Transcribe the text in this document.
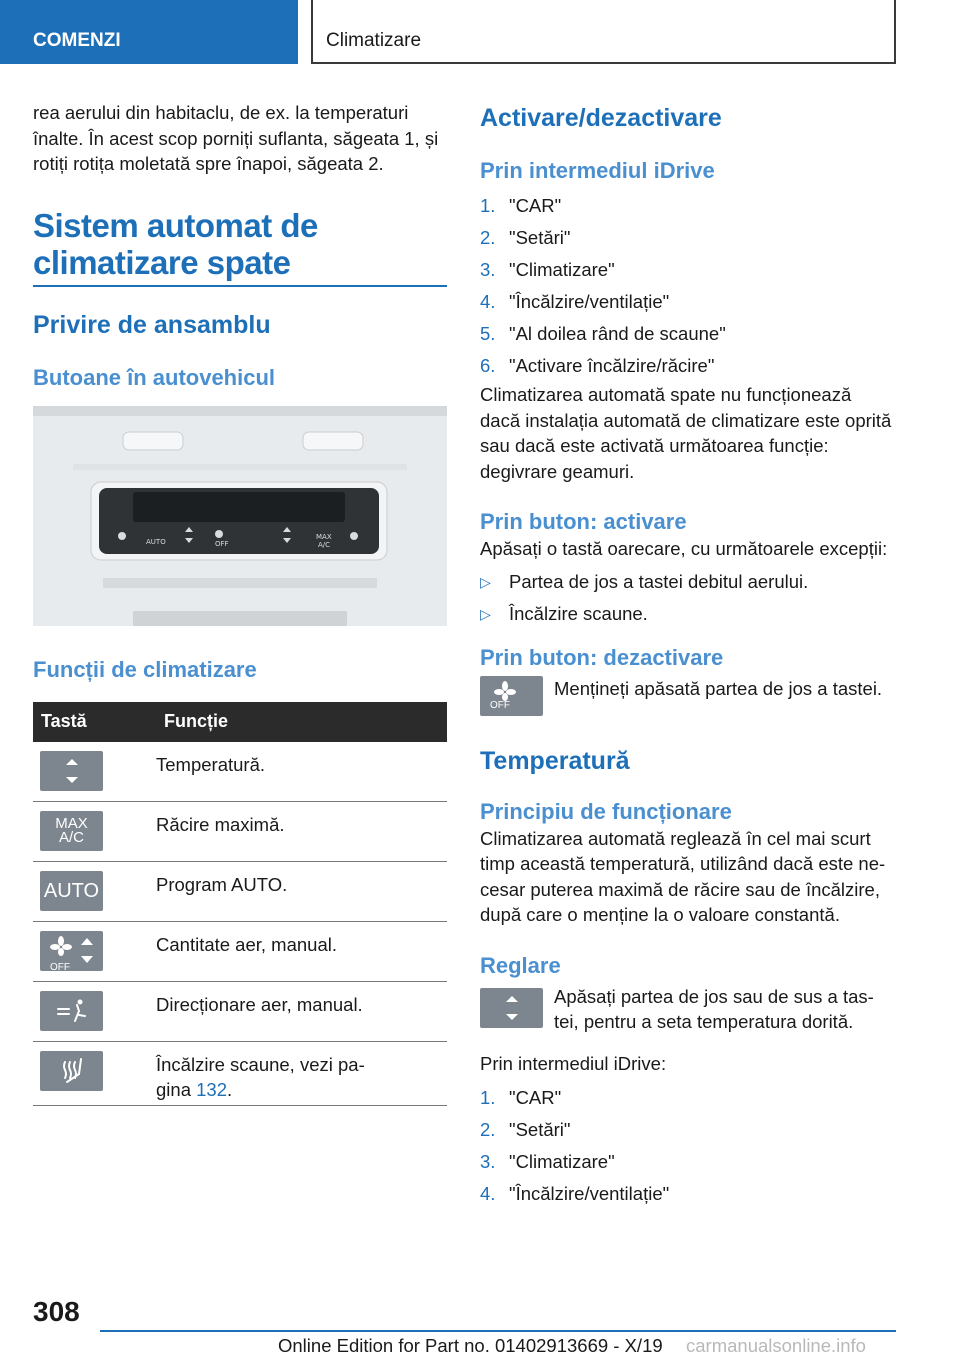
COMENZI	Climatizare

rea aerului din habitaclu, de ex. la temperaturi înalte. În acest scop porniți suflanta, săgeata 1, și rotiți rotița moletată spre înapoi, săgeata 2.

Sistem automat de climatizare spate
Privire de ansamblu
Butoane în autovehicul
AUTO	OFF
MAX
A/C
Funcții de climatizare
Tastă	Funcție

	Temperatură.

MAX
A/C	Răcire maximă.

AUTO	Program AUTO.

OFF	Cantitate aer, manual.

	Direcționare aer, manual.

	Încălzire scaune, vezi pa-
gina 132.
Activare/dezactivare
Prin intermediul iDrive
1. "CAR"
2. "Setări"
3. "Climatizare"
4. "Încălzire/ventilație"
5. "Al doilea rând de scaune"
6. "Activare încălzire/răcire"

Climatizarea automată spate nu funcționează dacă instalația automată de climatizare este oprită sau dacă este activată următoarea funcție: degivrare geamuri.

Prin buton: activare

Apăsați o tastă oarecare, cu următoarele excepții:

▷ Partea de jos a tastei debitul aerului.
▷ Încălzire scaune.
Prin buton: dezactivare
OFF

Mențineți apăsată partea de jos a tastei.

Temperatură
Principiu de funcționare

Climatizarea automată reglează în cel mai scurt timp această temperatură, utilizând dacă este ne-cesar puterea maximă de răcire sau de încălzire, după care o menține la o valoare constantă.

Reglare

Apăsați partea de jos sau de sus a tas-tei, pentru a seta temperatura dorită.

Prin intermediul iDrive:

1. "CAR"
2. "Setări"
3. "Climatizare"
4. "Încălzire/ventilație"
308
Online Edition for Part no. 01402913669 - X/19 carmanualsonline.info
